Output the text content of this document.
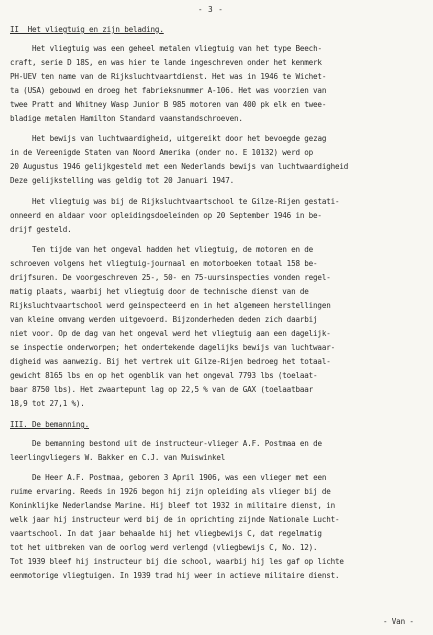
- 3 -
II  Het vliegtuig en zijn belading.
Het vliegtuig was een geheel metalen vliegtuig van het type Beech-
craft, serie D 18S, en was hier te lande ingeschreven onder het kenmerk
PH-UEV ten name van de Rijksluchtvaartdienst. Het was in 1946 te Wichet-
ta (USA) gebouwd en droeg het fabrieksnummer A-106. Het was voorzien van
twee Pratt and Whitney Wasp Junior B 985 motoren van 400 pk elk en twee-
bladige metalen Hamilton Standard vaanstandschroeven.
Het bewijs van luchtwaardigheid, uitgereikt door het bevoegde gezag
in de Vereenigde Staten van Noord Amerika (onder no. E 10132) werd op
20 Augustus 1946 gelijkgesteld met een Nederlands bewijs van luchtwaardigheid
Deze gelijkstelling was geldig tot 20 Januari 1947.
Het vliegtuig was bij de Rijksluchtvaartschool te Gilze-Rijen gestati-
onneerd en aldaar voor opleidingsdoeleinden op 20 September 1946 in be-
drijf gesteld.
Ten tijde van het ongeval hadden het vliegtuig, de motoren en de
schroeven volgens het vliegtuig-journaal en motorboeken totaal 158 be-
drijfsuren. De voorgeschreven 25-, 50- en 75-uursinspecties vonden regel-
matig plaats, waarbij het vliegtuig door de technische dienst van de
Rijksluchtvaartschool werd geinspecteerd en in het algemeen herstellingen
van kleine omvang werden uitgevoerd. Bijzonderheden deden zich daarbij
niet voor. Op de dag van het ongeval werd het vliegtuig aan een dagelijk-
se inspectie onderworpen; het ondertekende dagelijks bewijs van luchtwaar-
digheid was aanwezig. Bij het vertrek uit Gilze-Rijen bedroeg het totaal-
gewicht 8165 lbs en op het ogenblik van het ongeval 7793 lbs (toelaat-
baar 8750 lbs). Het zwaartepunt lag op 22,5 % van de GAX (toelaatbaar
18,9 tot 27,1 %).
III. De bemanning.
De bemanning bestond uit de instructeur-vlieger A.F. Postmaa en de
leerlingvliegers W. Bakker en C.J. van Muiswinkel
De Heer A.F. Postmaa, geboren 3 April 1906, was een vlieger met een
ruime ervaring. Reeds in 1926 begon hij zijn opleiding als vlieger bij de
Koninklijke Nederlandse Marine. Hij bleef tot 1932 in militaire dienst, in
welk jaar hij instructeur werd bij de in oprichting zijnde Nationale Lucht-
vaartschool. In dat jaar behaalde hij het vliegbewijs C, dat regelmatig
tot het uitbreken van de oorlog werd verlengd (vliegbewijs C, No. 12).
Tot 1939 bleef hij instructeur bij die school, waarbij hij les gaf op lichte
eenmotorige vliegtuigen. In 1939 trad hij weer in actieve militaire dienst.
- Van -
